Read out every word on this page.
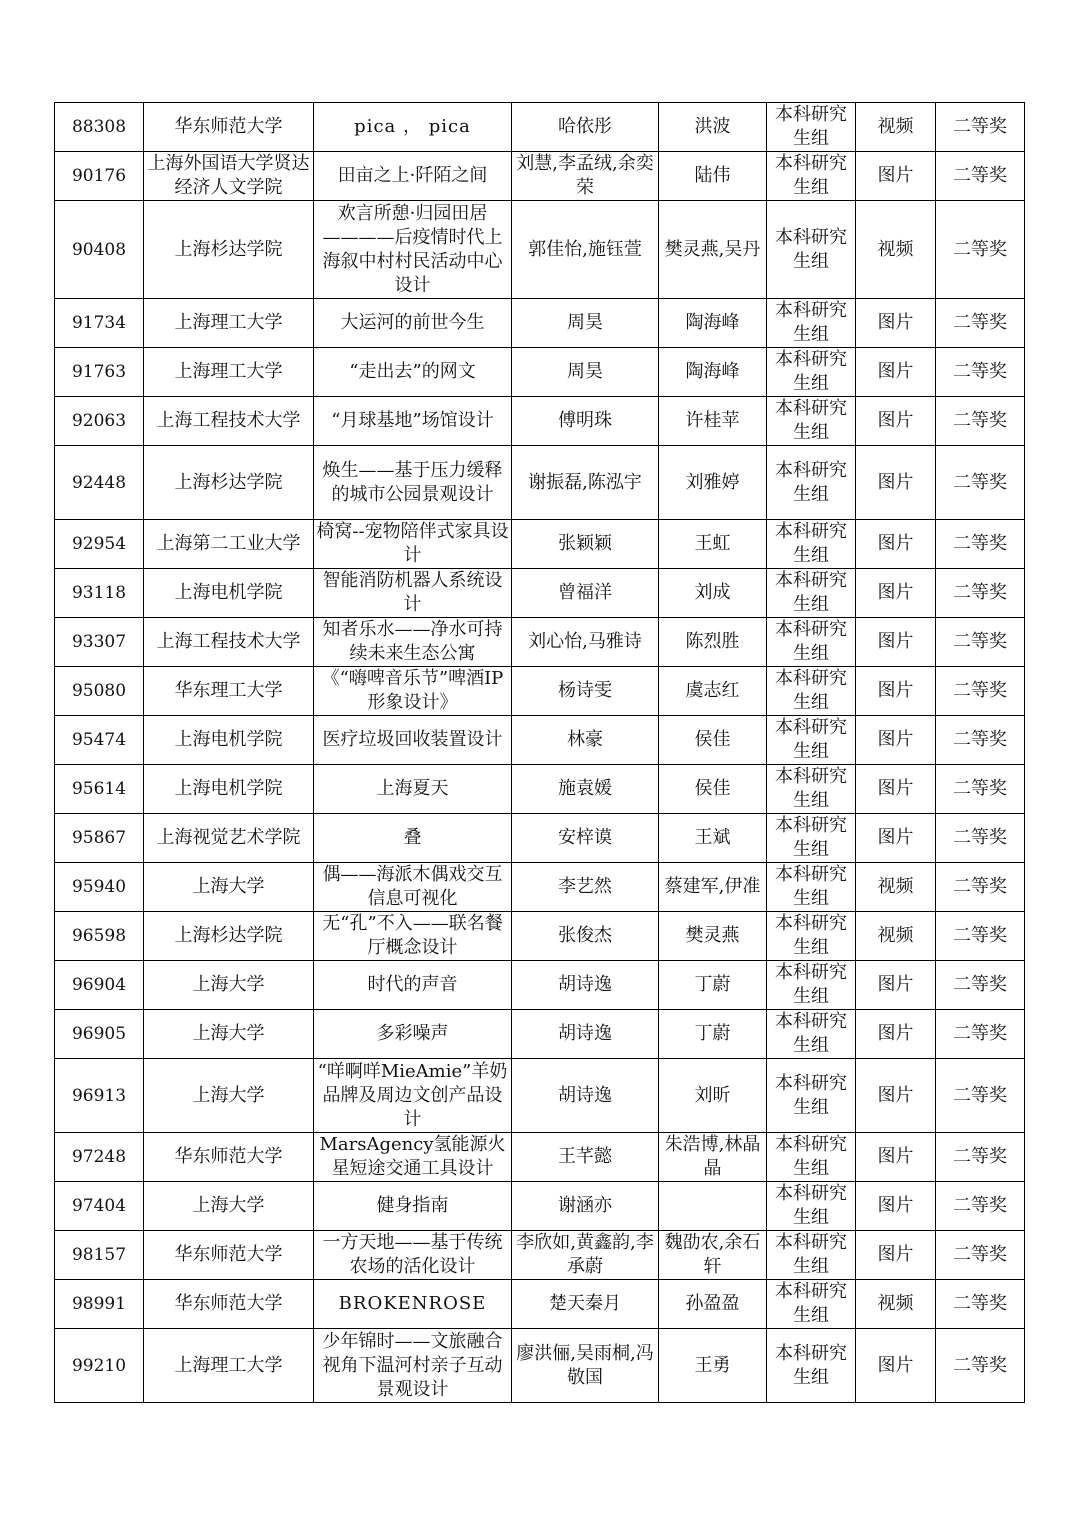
88308	华东师范大学	pica ， pica	哈依彤	洪波	本科研究生组	视频	二等奖
90176	上海外国语大学贤达经济人文学院	田亩之上·阡陌之间	刘慧,李孟绒,余奕荣	陆伟	本科研究生组	图片	二等奖
90408	上海杉达学院	欢言所憩·归园田居————后疫情时代上海叙中村村民活动中心设计	郭佳怡,施钰萱	樊灵燕,吴丹	本科研究生组	视频	二等奖
91734	上海理工大学	大运河的前世今生	周昊	陶海峰	本科研究生组	图片	二等奖
91763	上海理工大学	“走出去”的网文	周昊	陶海峰	本科研究生组	图片	二等奖
92063	上海工程技术大学	“月球基地”场馆设计	傅明珠	许桂苹	本科研究生组	图片	二等奖
92448	上海杉达学院	焕生——基于压力缓释的城市公园景观设计	谢振磊,陈泓宇	刘雅婷	本科研究生组	图片	二等奖
92954	上海第二工业大学	椅窝--宠物陪伴式家具设计	张颖颖	王虹	本科研究生组	图片	二等奖
93118	上海电机学院	智能消防机器人系统设计	曾福洋	刘成	本科研究生组	图片	二等奖
93307	上海工程技术大学	知者乐水——净水可持续未来生态公寓	刘心怡,马雅诗	陈烈胜	本科研究生组	图片	二等奖
95080	华东理工大学	《“嗨啤音乐节”啤酒IP形象设计》	杨诗雯	虞志红	本科研究生组	图片	二等奖
95474	上海电机学院	医疗垃圾回收装置设计	林豪	侯佳	本科研究生组	图片	二等奖
95614	上海电机学院	上海夏天	施袁媛	侯佳	本科研究生组	图片	二等奖
95867	上海视觉艺术学院	叠	安梓谟	王斌	本科研究生组	图片	二等奖
95940	上海大学	偶——海派木偶戏交互信息可视化	李艺然	蔡建军,伊准	本科研究生组	视频	二等奖
96598	上海杉达学院	无“孔”不入——联名餐厅概念设计	张俊杰	樊灵燕	本科研究生组	视频	二等奖
96904	上海大学	时代的声音	胡诗逸	丁蔚	本科研究生组	图片	二等奖
96905	上海大学	多彩噪声	胡诗逸	丁蔚	本科研究生组	图片	二等奖
96913	上海大学	“咩啊咩MieAmie”羊奶品牌及周边文创产品设计	胡诗逸	刘昕	本科研究生组	图片	二等奖
97248	华东师范大学	MarsAgency氢能源火星短途交通工具设计	王芊懿	朱浩博,林晶晶	本科研究生组	图片	二等奖
97404	上海大学	健身指南	谢涵亦		本科研究生组	图片	二等奖
98157	华东师范大学	一方天地——基于传统农场的活化设计	李欣如,黄鑫韵,李承蔚	魏劭农,余石轩	本科研究生组	图片	二等奖
98991	华东师范大学	BROKENROSE	楚天秦月	孙盈盈	本科研究生组	视频	二等奖
99210	上海理工大学	少年锦时——文旅融合视角下温河村亲子互动景观设计	廖洪俪,吴雨桐,冯敬国	王勇	本科研究生组	图片	二等奖
